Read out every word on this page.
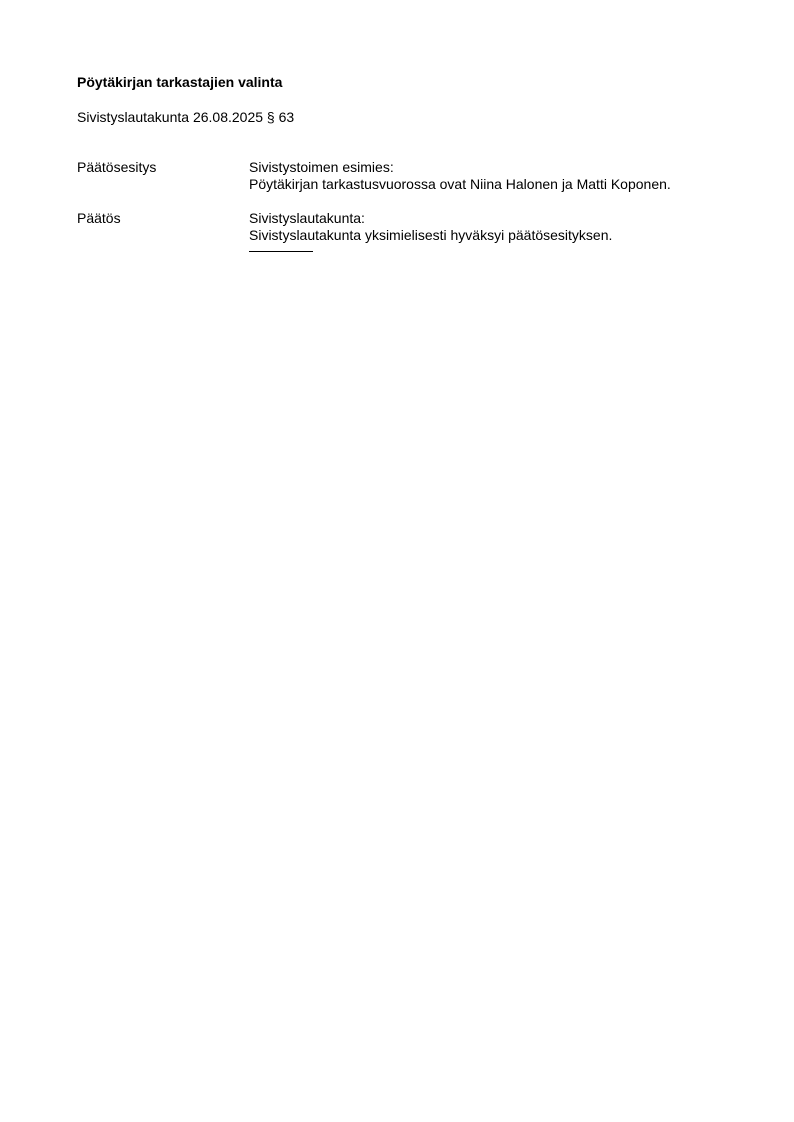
Pöytäkirjan tarkastajien valinta
Sivistyslautakunta 26.08.2025 § 63
Päätösesitys	Sivistystoimen esimies:
Pöytäkirjan tarkastusvuorossa ovat Niina Halonen ja Matti Koponen.
Päätös	Sivistyslautakunta:
Sivistyslautakunta yksimielisesti hyväksyi päätösesityksen.
